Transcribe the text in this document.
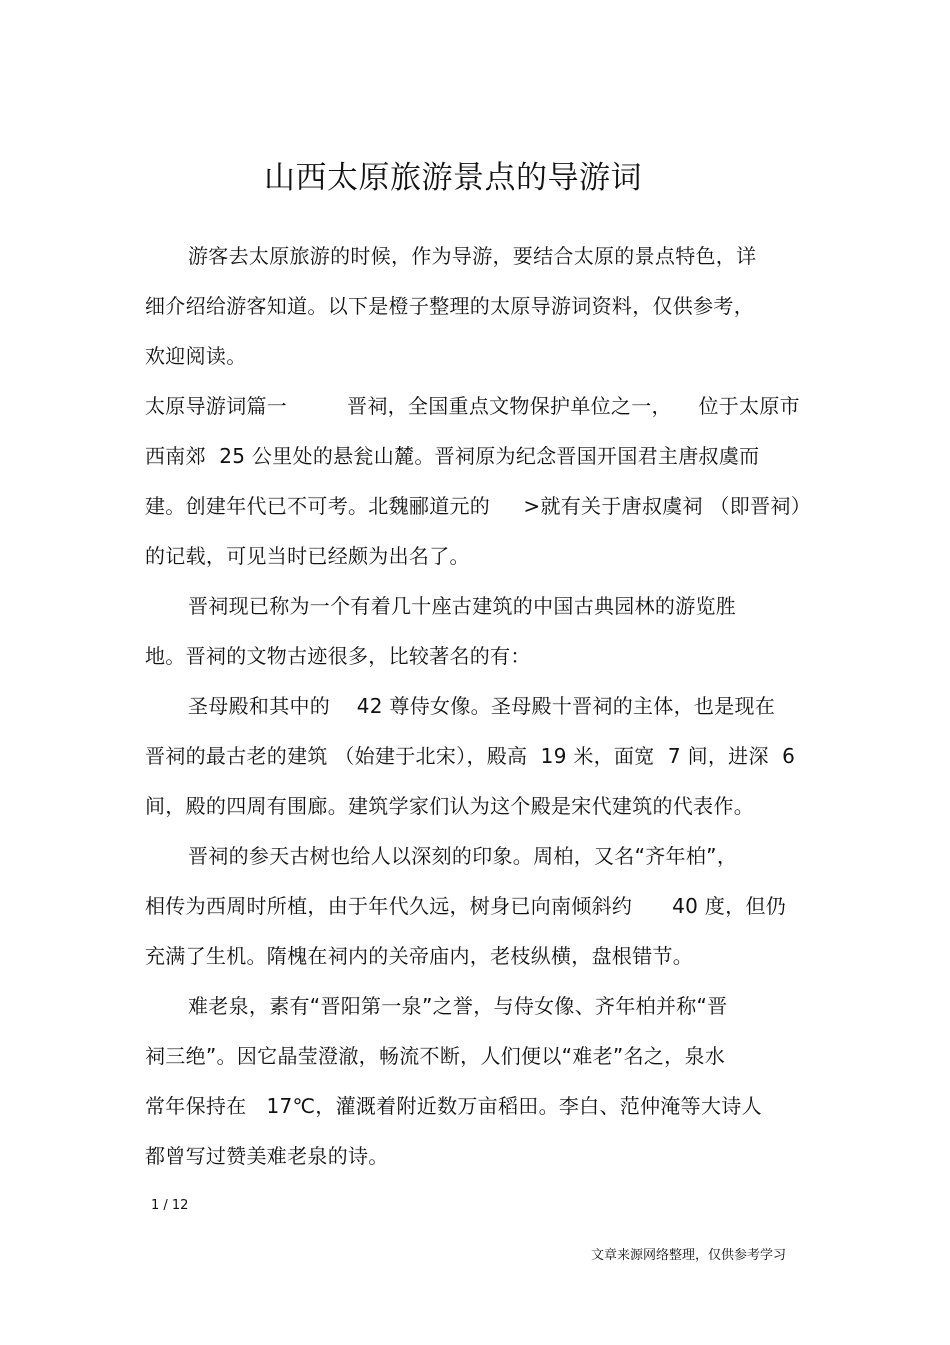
山西太原旅游景点的导游词

游客去太原旅游的时候，作为导游，要结合太原的景点特色，详

细介绍给游客知道。以下是橙子整理的太原导游词资料，仅供参考，

欢迎阅读。

太原导游词篇一         晋祠，全国重点文物保护单位之一，    位于太原市

西南郊  25 公里处的悬瓮山麓。晋祠原为纪念晋国开国君主唐叔虞而

建。创建年代已不可考。北魏郦道元的     >就有关于唐叔虞祠 （即晋祠）

的记载，可见当时已经颇为出名了。

晋祠现已称为一个有着几十座古建筑的中国古典园林的游览胜

地。晋祠的文物古迹很多，比较著名的有：

圣母殿和其中的    42 尊侍女像。圣母殿十晋祠的主体，也是现在

晋祠的最古老的建筑 （始建于北宋），殿高  19 米，面宽  7 间，进深  6

间，殿的四周有围廊。建筑学家们认为这个殿是宋代建筑的代表作。

晋祠的参天古树也给人以深刻的印象。周柏，又名“齐年柏”，

相传为西周时所植，由于年代久远，树身已向南倾斜约      40 度，但仍

充满了生机。隋槐在祠内的关帝庙内，老枝纵横，盘根错节。

难老泉，素有“晋阳第一泉”之誉，与侍女像、齐年柏并称“晋

祠三绝”。因它晶莹澄澈，畅流不断，人们便以“难老”名之，泉水

常年保持在   17℃，灌溉着附近数万亩稻田。李白、范仲淹等大诗人

都曾写过赞美难老泉的诗。

1 / 12
文章来源网络整理，仅供参考学习
